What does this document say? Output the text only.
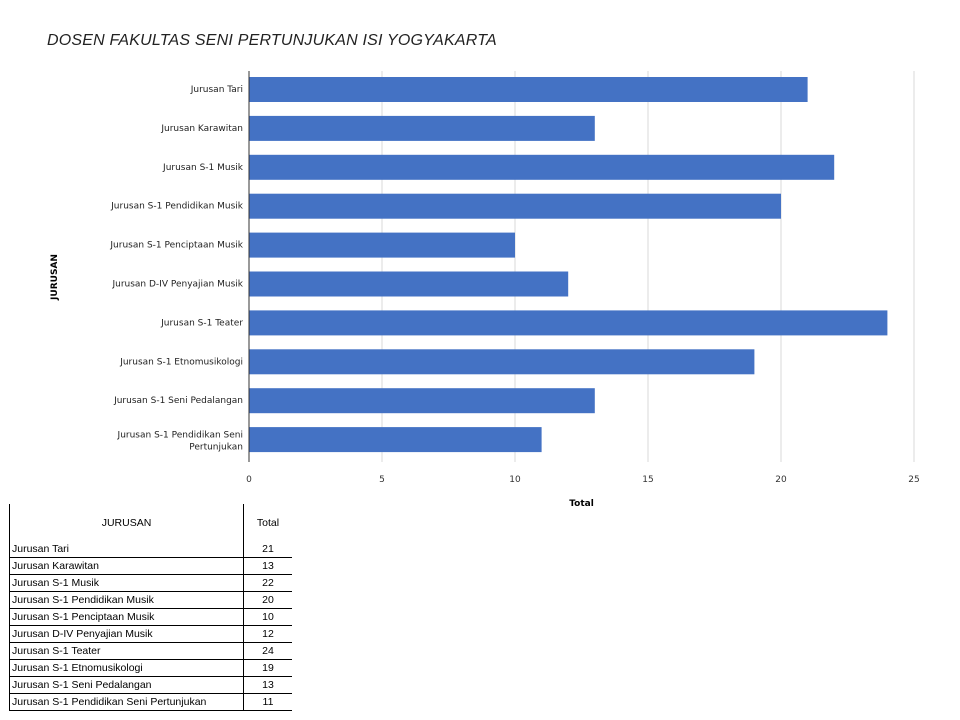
DOSEN FAKULTAS SENI PERTUNJUKAN ISI YOGYAKARTA
Jurusan Tari
Jurusan Karawitan
Jurusan S-1 Musik
Jurusan S-1 Pendidikan Musik
Jurusan S-1 Penciptaan Musik
Jurusan D-IV Penyajian Musik
Jurusan S-1 Teater
Jurusan S-1 Etnomusikologi
Jurusan S-1 Seni Pedalangan
Jurusan S-1 Pendidikan Seni Pertunjukan
0	5	10	15	20	25
Total
JURUSAN
JURUSAN	Total
Jurusan Tari	21
Jurusan Karawitan	13
Jurusan S-1 Musik	22
Jurusan S-1 Pendidikan Musik	20
Jurusan S-1 Penciptaan Musik	10
Jurusan D-IV Penyajian Musik	12
Jurusan S-1 Teater	24
Jurusan S-1 Etnomusikologi	19
Jurusan S-1 Seni Pedalangan	13
Jurusan S-1 Pendidikan Seni Pertunjukan	11
